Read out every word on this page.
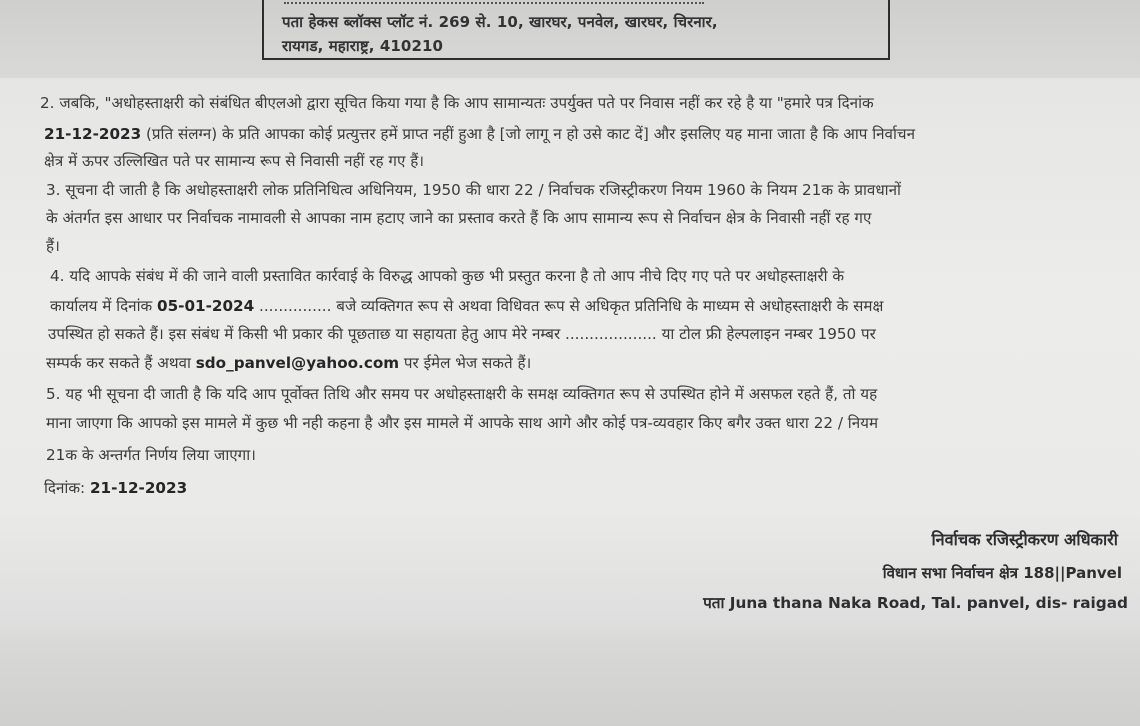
पता हेकस ब्लॉक्स प्लॉट नं. 269 से. 10, खारघर, पनवेल, खारघर, चिरनार,
रायगड, महाराष्ट्र, 410210
2. जबकि, "अधोहस्ताक्षरी को संबंधित बीएलओ द्वारा सूचित किया गया है कि आप सामान्यतः उपर्युक्त पते पर निवास नहीं कर रहे है या "हमारे पत्र दिनांक
21-12-2023 (प्रति संलग्न) के प्रति आपका कोई प्रत्युत्तर हमें प्राप्त नहीं हुआ है [जो लागू न हो उसे काट दें] और इसलिए यह माना जाता है कि आप निर्वाचन
क्षेत्र में ऊपर उल्लिखित पते पर सामान्य रूप से निवासी नहीं रह गए हैं।
3. सूचना दी जाती है कि अधोहस्ताक्षरी लोक प्रतिनिधित्व अधिनियम, 1950 की धारा 22 / निर्वाचक रजिस्ट्रीकरण नियम 1960 के नियम 21क के प्रावधानों
के अंतर्गत इस आधार पर निर्वाचक नामावली से आपका नाम हटाए जाने का प्रस्ताव करते हैं कि आप सामान्य रूप से निर्वाचन क्षेत्र के निवासी नहीं रह गए
हैं।
4. यदि आपके संबंध में की जाने वाली प्रस्तावित कार्रवाई के विरुद्ध आपको कुछ भी प्रस्तुत करना है तो आप नीचे दिए गए पते पर अधोहस्ताक्षरी के
कार्यालय में दिनांक 05-01-2024 ............... बजे व्यक्तिगत रूप से अथवा विधिवत रूप से अधिकृत प्रतिनिधि के माध्यम से अधोहस्ताक्षरी के समक्ष
उपस्थित हो सकते हैं। इस संबंध में किसी भी प्रकार की पूछताछ या सहायता हेतु आप मेरे नम्बर ................... या टोल फ्री हेल्पलाइन नम्बर 1950 पर
सम्पर्क कर सकते हैं अथवा sdo_panvel@yahoo.com पर ईमेल भेज सकते हैं।
5. यह भी सूचना दी जाती है कि यदि आप पूर्वोक्त तिथि और समय पर अधोहस्ताक्षरी के समक्ष व्यक्तिगत रूप से उपस्थित होने में असफल रहते हैं, तो यह
माना जाएगा कि आपको इस मामले में कुछ भी नही कहना है और इस मामले में आपके साथ आगे और कोई पत्र-व्यवहार किए बगैर उक्त धारा 22 / नियम
21क के अन्तर्गत निर्णय लिया जाएगा।
दिनांक: 21-12-2023
निर्वाचक रजिस्ट्रीकरण अधिकारी
विधान सभा निर्वाचन क्षेत्र 188||Panvel
पता Juna thana Naka Road, Tal. panvel, dis- raigad
